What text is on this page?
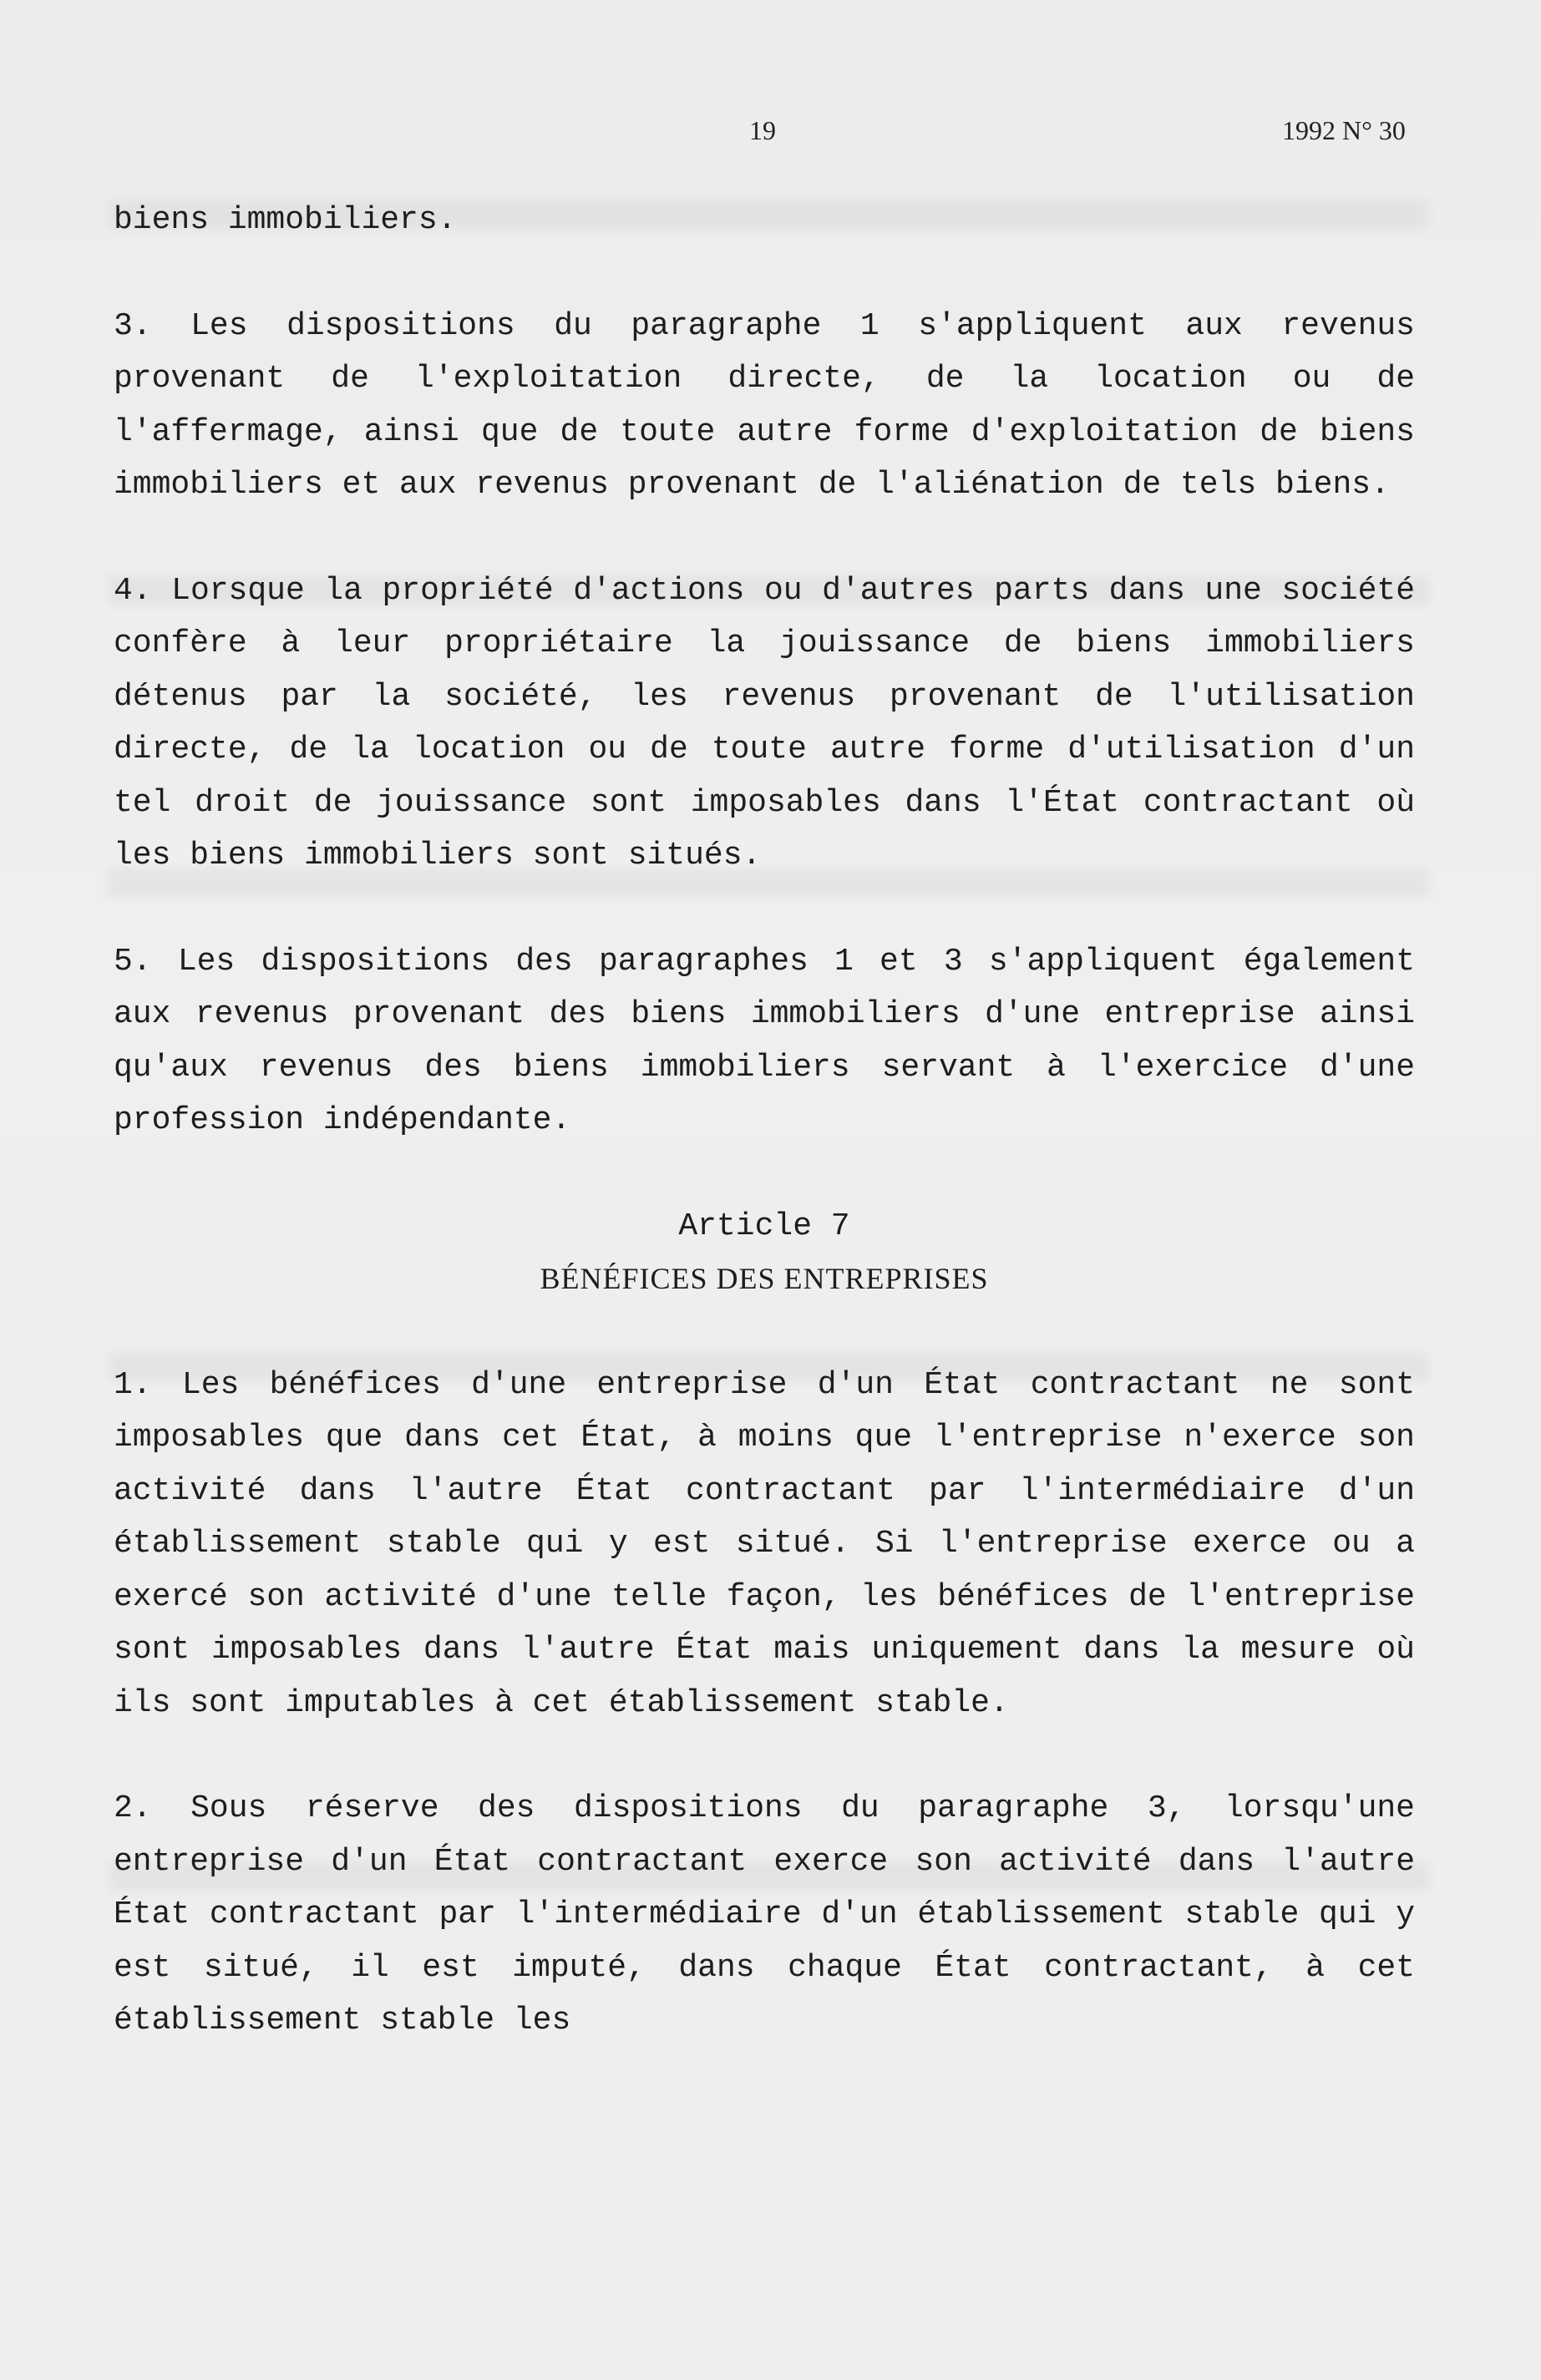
19	1992 N° 30

biens immobiliers.

3. Les dispositions du paragraphe 1 s'appliquent aux revenus provenant de l'exploitation directe, de la location ou de l'affermage, ainsi que de toute autre forme d'exploitation de biens immobiliers et aux revenus provenant de l'aliénation de tels biens.

4. Lorsque la propriété d'actions ou d'autres parts dans une société confère à leur propriétaire la jouissance de biens immobiliers détenus par la société, les revenus provenant de l'utilisation directe, de la location ou de toute autre forme d'utilisation d'un tel droit de jouissance sont imposables dans l'État contractant où les biens immobiliers sont situés.

5. Les dispositions des paragraphes 1 et 3 s'appliquent également aux revenus provenant des biens immobiliers d'une entreprise ainsi qu'aux revenus des biens immobiliers servant à l'exercice d'une profession indépendante.

Article 7

BÉNÉFICES DES ENTREPRISES

1. Les bénéfices d'une entreprise d'un État contractant ne sont imposables que dans cet État, à moins que l'entreprise n'exerce son activité dans l'autre État contractant par l'intermédiaire d'un établissement stable qui y est situé. Si l'entreprise exerce ou a exercé son activité d'une telle façon, les bénéfices de l'entreprise sont imposables dans l'autre État mais uniquement dans la mesure où ils sont imputables à cet établissement stable.

2. Sous réserve des dispositions du paragraphe 3, lorsqu'une entreprise d'un État contractant exerce son activité dans l'autre État contractant par l'intermédiaire d'un établissement stable qui y est situé, il est imputé, dans chaque État contractant, à cet établissement stable les
